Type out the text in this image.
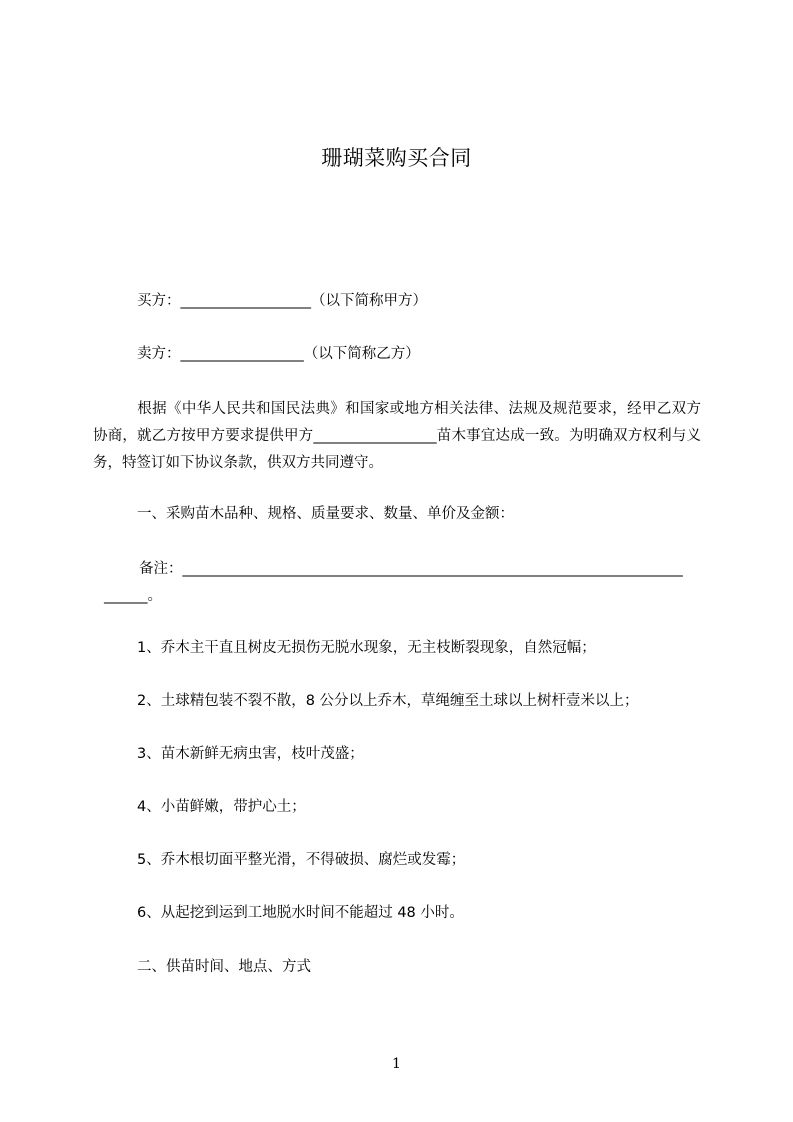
珊瑚菜购买合同
买方：__________________（以下简称甲方）
卖方：_________________（以下简称乙方）
根据《中华人民共和国民法典》和国家或地方相关法律、法规及规范要求，经甲乙双方协商，就乙方按甲方要求提供甲方_________________苗木事宜达成一致。为明确双方权利与义务，特签订如下协议条款，供双方共同遵守。
一、采购苗木品种、规格、质量要求、数量、单价及金额：
备注：_____________________________________________________________________
______。
1、乔木主干直且树皮无损伤无脱水现象，无主枝断裂现象，自然冠幅；
2、土球精包装不裂不散，8 公分以上乔木，草绳缠至土球以上树杆壹米以上；
3、苗木新鲜无病虫害，枝叶茂盛；
4、小苗鲜嫩，带护心土；
5、乔木根切面平整光滑，不得破损、腐烂或发霉；
6、从起挖到运到工地脱水时间不能超过 48 小时。
二、供苗时间、地点、方式
1
